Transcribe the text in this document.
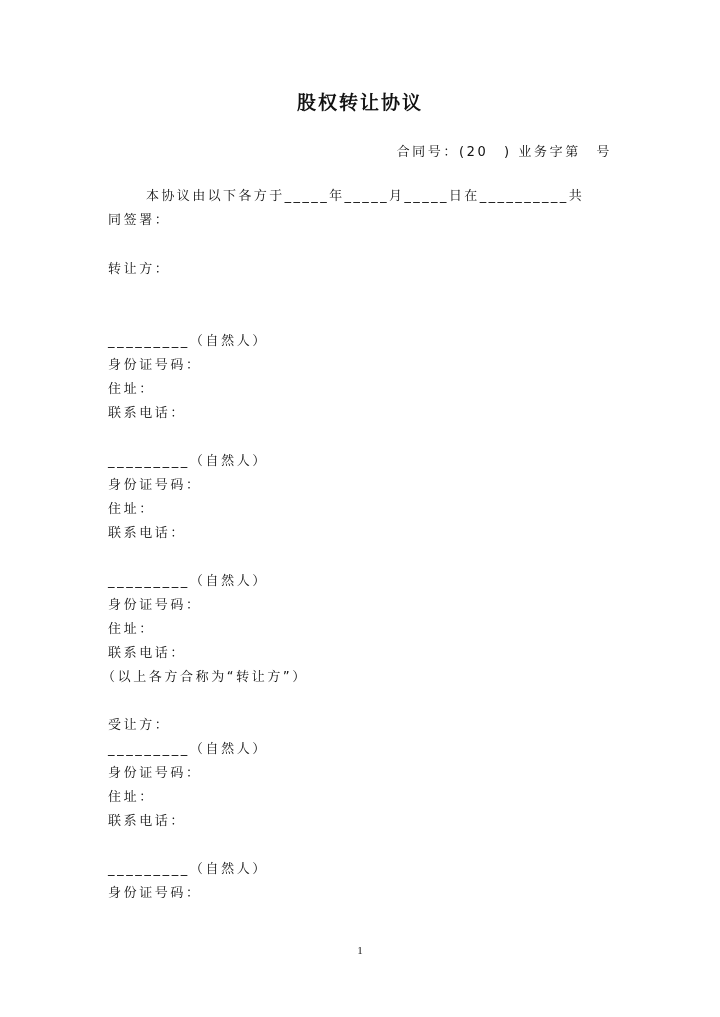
股权转让协议
合同号：(20　) 业务字第　号
本协议由以下各方于_____年_____月_____日在__________共
同签署：
转让方：
_________（自然人）
身份证号码：
住址：
联系电话：
_________（自然人）
身份证号码：
住址：
联系电话：
_________（自然人）
身份证号码：
住址：
联系电话：
（以上各方合称为“转让方”）
受让方：
_________（自然人）
身份证号码：
住址：
联系电话：
_________（自然人）
身份证号码：
1
